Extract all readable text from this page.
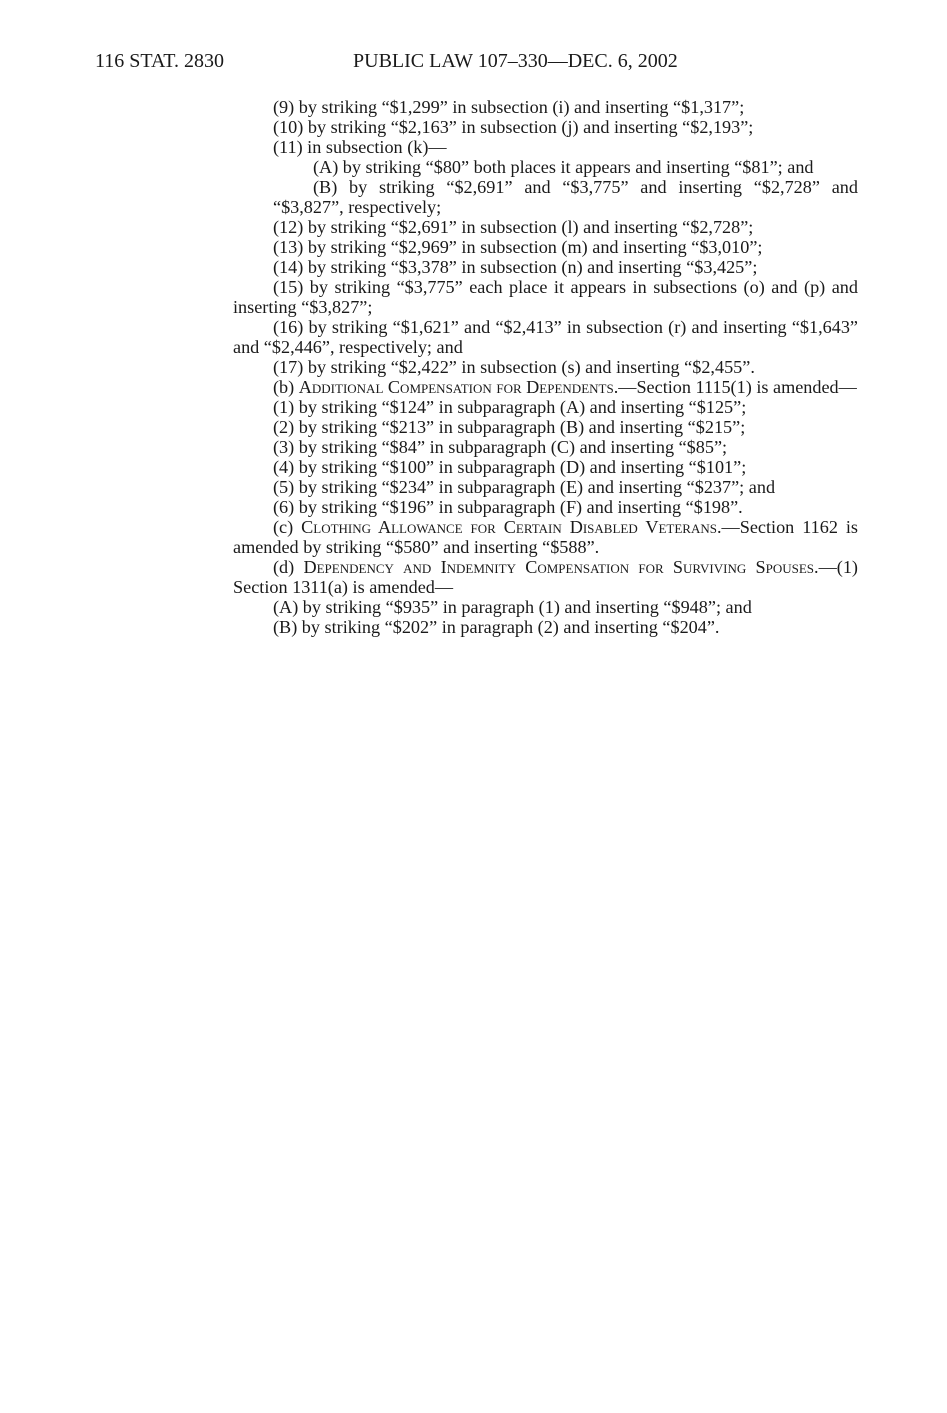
116 STAT. 2830	PUBLIC LAW 107–330—DEC. 6, 2002

(9) by striking “$1,299” in subsection (i) and inserting “$1,317”;

(10) by striking “$2,163” in subsection (j) and inserting “$2,193”;

(11) in subsection (k)—

(A) by striking “$80” both places it appears and inserting “$81”; and

(B) by striking “$2,691” and “$3,775” and inserting “$2,728” and “$3,827”, respectively;

(12) by striking “$2,691” in subsection (l) and inserting “$2,728”;

(13) by striking “$2,969” in subsection (m) and inserting “$3,010”;

(14) by striking “$3,378” in subsection (n) and inserting “$3,425”;

(15) by striking “$3,775” each place it appears in subsections (o) and (p) and inserting “$3,827”;

(16) by striking “$1,621” and “$2,413” in subsection (r) and inserting “$1,643” and “$2,446”, respectively; and

(17) by striking “$2,422” in subsection (s) and inserting “$2,455”.

(b) Additional Compensation for Dependents.—Section 1115(1) is amended—

(1) by striking “$124” in subparagraph (A) and inserting “$125”;

(2) by striking “$213” in subparagraph (B) and inserting “$215”;

(3) by striking “$84” in subparagraph (C) and inserting “$85”;

(4) by striking “$100” in subparagraph (D) and inserting “$101”;

(5) by striking “$234” in subparagraph (E) and inserting “$237”; and

(6) by striking “$196” in subparagraph (F) and inserting “$198”.

(c) Clothing Allowance for Certain Disabled Veterans.—Section 1162 is amended by striking “$580” and inserting “$588”.

(d) Dependency and Indemnity Compensation for Surviving Spouses.—(1) Section 1311(a) is amended—

(A) by striking “$935” in paragraph (1) and inserting “$948”; and

(B) by striking “$202” in paragraph (2) and inserting “$204”.
